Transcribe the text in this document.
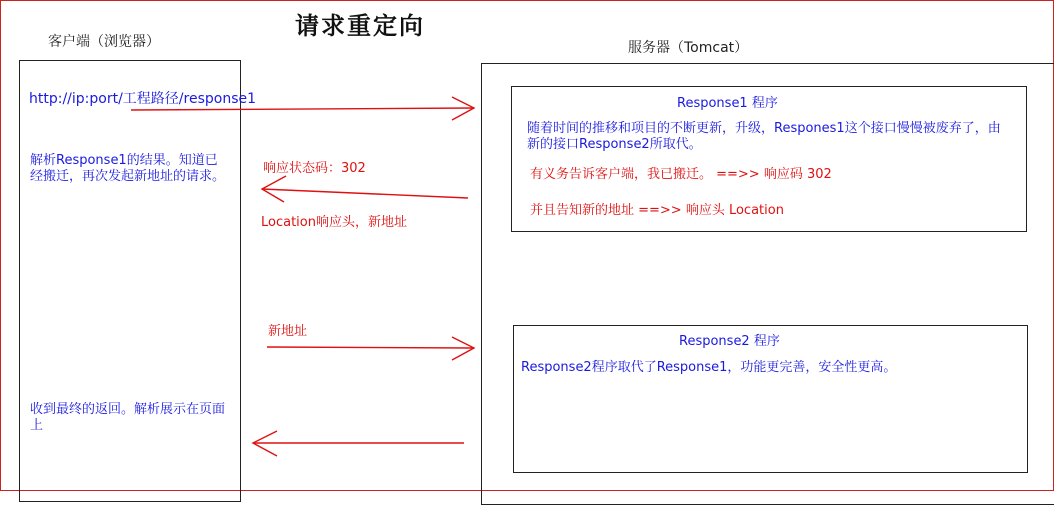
请求重定向
客户端（浏览器）	服务器（Tomcat）
http://ip:port/工程路径/response1
解析Response1的结果。知道已经搬迁，再次发起新地址的请求。
收到最终的返回。解析展示在页面上
Response1 程序
随着时间的推移和项目的不断更新，升级，Respones1这个接口慢慢被废弃了，由新的接口Response2所取代。
有义务告诉客户端，我已搬迁。 ==>> 响应码 302
并且告知新的地址 ==>> 响应头 Location
Response2 程序
Response2程序取代了Response1，功能更完善，安全性更高。
响应状态码：302
Location响应头，新地址
新地址
